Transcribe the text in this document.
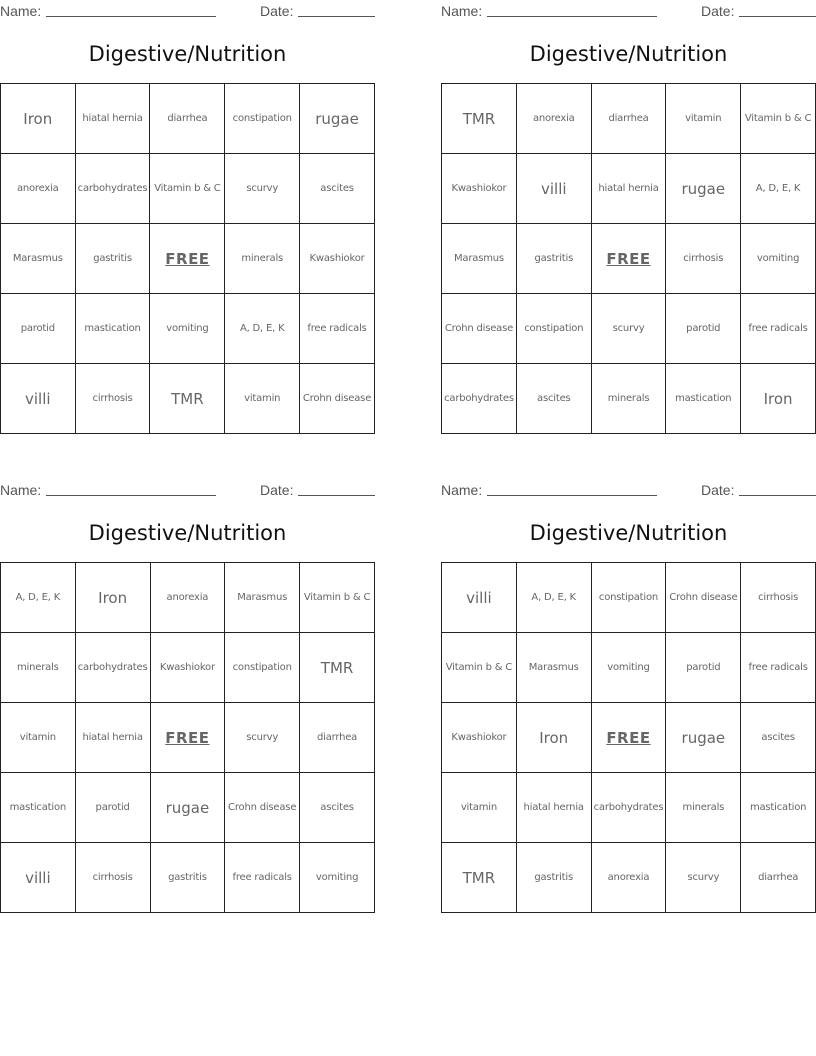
Name:	Date:
Digestive/Nutrition
Iron	hiatal hernia	diarrhea	constipation	rugae
anorexia	carbohydrates	Vitamin b & C	scurvy	ascites
Marasmus	gastritis	FREE	minerals	Kwashiokor
parotid	mastication	vomiting	A, D, E, K	free radicals
villi	cirrhosis	TMR	vitamin	Crohn disease
Name:	Date:
Digestive/Nutrition
TMR	anorexia	diarrhea	vitamin	Vitamin b & C
Kwashiokor	villi	hiatal hernia	rugae	A, D, E, K
Marasmus	gastritis	FREE	cirrhosis	vomiting
Crohn disease	constipation	scurvy	parotid	free radicals
carbohydrates	ascites	minerals	mastication	Iron
Name:	Date:
Digestive/Nutrition
A, D, E, K	Iron	anorexia	Marasmus	Vitamin b & C
minerals	carbohydrates	Kwashiokor	constipation	TMR
vitamin	hiatal hernia	FREE	scurvy	diarrhea
mastication	parotid	rugae	Crohn disease	ascites
villi	cirrhosis	gastritis	free radicals	vomiting
Name:	Date:
Digestive/Nutrition
villi	A, D, E, K	constipation	Crohn disease	cirrhosis
Vitamin b & C	Marasmus	vomiting	parotid	free radicals
Kwashiokor	Iron	FREE	rugae	ascites
vitamin	hiatal hernia	carbohydrates	minerals	mastication
TMR	gastritis	anorexia	scurvy	diarrhea
